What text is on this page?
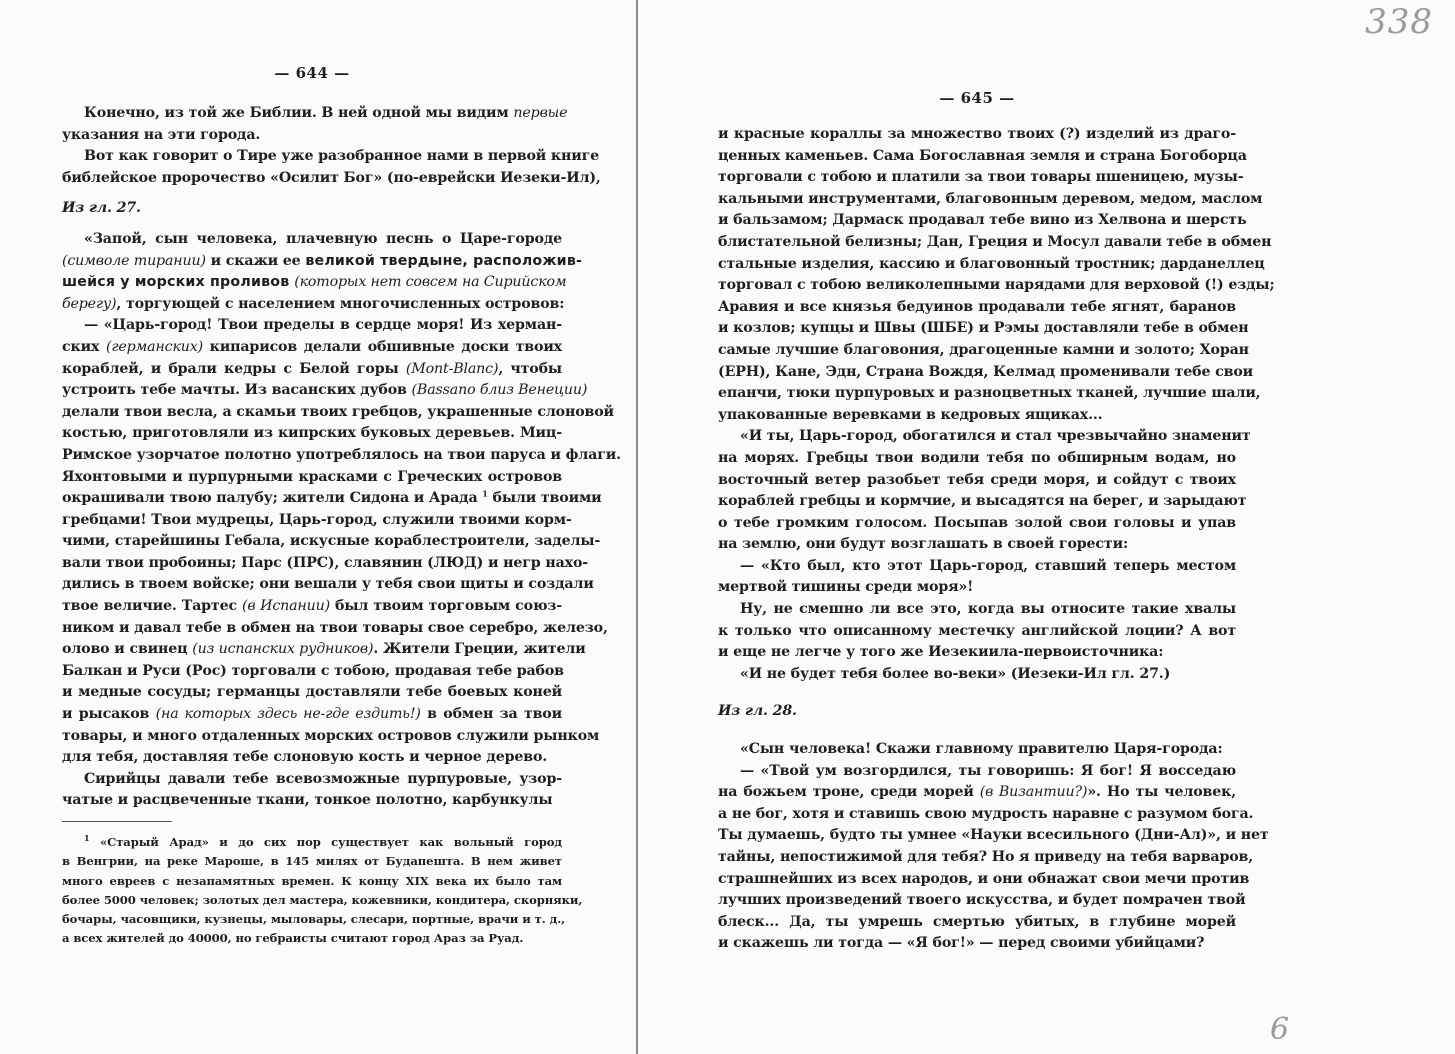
— 644 —
Конечно, из той же Библии. В ней одной мы видим первые
указания на эти города.
Вот как говорит о Тире уже разобранное нами в первой книге
библейское пророчество «Осилит Бог» (по-еврейски Иезеки-Ил),
Из гл. 27.
«Запой, сын человека, плачевную песнь о Царе-городе
(символе тирании) и скажи ее великой твердыне, расположив-
шейся у морских проливов (которых нет совсем на Сирийском
берегу), торгующей с населением многочисленных островов:
— «Царь-город! Твои пределы в сердце моря! Из херман-
ских (германских) кипарисов делали обшивные доски твоих
кораблей, и брали кедры с Белой горы (Mont-Blanc), чтобы
устроить тебе мачты. Из васанских дубов (Bassano близ Венеции)
делали твои весла, а скамьи твоих гребцов, украшенные слоновой
костью, приготовляли из кипрских буковых деревьев. Миц-
Римское узорчатое полотно употреблялось на твои паруса и флаги.
Яхонтовыми и пурпурными красками с Греческих островов
окрашивали твою палубу; жители Сидона и Арада $^1$ были твоими
гребцами! Твои мудрецы, Царь-город, служили твоими корм-
чими, старейшины Гебала, искусные кораблестроители, заделы-
вали твои пробоины; Парс (ПРС), славянин (ЛЮД) и негр нахо-
дились в твоем войске; они вешали у тебя свои щиты и создали
твое величие. Тартес (в Испании) был твоим торговым союз-
ником и давал тебе в обмен на твои товары свое серебро, железо,
олово и свинец (из испанских рудников). Жители Греции, жители
Балкан и Руси (Рос) торговали с тобою, продавая тебе рабов
и медные сосуды; германцы доставляли тебе боевых коней
и рысаков (на которых здесь не-где ездить!) в обмен за твои
товары, и много отдаленных морских островов служили рынком
для тебя, доставляя тебе слоновую кость и черное дерево.
Сирийцы давали тебе всевозможные пурпуровые, узор-
чатые и расцвеченные ткани, тонкое полотно, карбункулы
$^1$ «Старый Арад» и до сих пор существует как вольный город
в Венгрии, на реке Мароше, в 145 милях от Будапешта. В нем живет
много евреев с незапамятных времен. К концу XIX века их было там
более 5000 человек; золотых дел мастера, кожевники, кондитера, скорняки,
бочары, часовщики, кузнецы, мыловары, слесари, портные, врачи и т. д.,
а всех жителей до 40000, но гебраисты считают город Араз за Руад.
— 645 —
и красные кораллы за множество твоих (?) изделий из драго-
ценных каменьев. Сама Богославная земля и страна Богоборца
торговали с тобою и платили за твои товары пшеницею, музы-
кальными инструментами, благовонным деревом, медом, маслом
и бальзамом; Дармаск продавал тебе вино из Хелвона и шерсть
блистательной белизны; Дан, Греция и Мосул давали тебе в обмен
стальные изделия, кассию и благовонный тростник; дарданеллец
торговал с тобою великолепными нарядами для верховой (!) езды;
Аравия и все князья бедуинов продавали тебе ягнят, баранов
и козлов; купцы и Швы (ШБЕ) и Рэмы доставляли тебе в обмен
самые лучшие благовония, драгоценные камни и золото; Хоран
(ЕРН), Кане, Эдн, Страна Вождя, Келмад променивали тебе свои
епанчи, тюки пурпуровых и разноцветных тканей, лучшие шали,
упакованные веревками в кедровых ящиках...
«И ты, Царь-город, обогатился и стал чрезвычайно знаменит
на морях. Гребцы твои водили тебя по обширным водам, но
восточный ветер разобьет тебя среди моря, и сойдут с твоих
кораблей гребцы и кормчие, и высадятся на берег, и зарыдают
о тебе громким голосом. Посыпав золой свои головы и упав
на землю, они будут возглашать в своей горести:
— «Кто был, кто этот Царь-город, ставший теперь местом
мертвой тишины среди моря»!
Ну, не смешно ли все это, когда вы относите такие хвалы
к только что описанному местечку английской лоции? А вот
и еще не легче у того же Иезекиила-первоисточника:
«И не будет тебя более во-веки» (Иезеки-Ил гл. 27.)
Из гл. 28.
«Сын человека! Скажи главному правителю Царя-города:
— «Твой ум возгордился, ты говоришь: Я бог! Я восседаю
на божьем троне, среди морей (в Византии?)». Но ты человек,
а не бог, хотя и ставишь свою мудрость наравне с разумом бога.
Ты думаешь, будто ты умнее «Науки всесильного (Дни-Ал)», и нет
тайны, непостижимой для тебя? Но я приведу на тебя варваров,
страшнейших из всех народов, и они обнажат свои мечи против
лучших произведений твоего искусства, и будет помрачен твой
блеск... Да, ты умрешь смертью убитых, в глубине морей
и скажешь ли тогда — «Я бог!» — перед своими убийцами?
338
6
